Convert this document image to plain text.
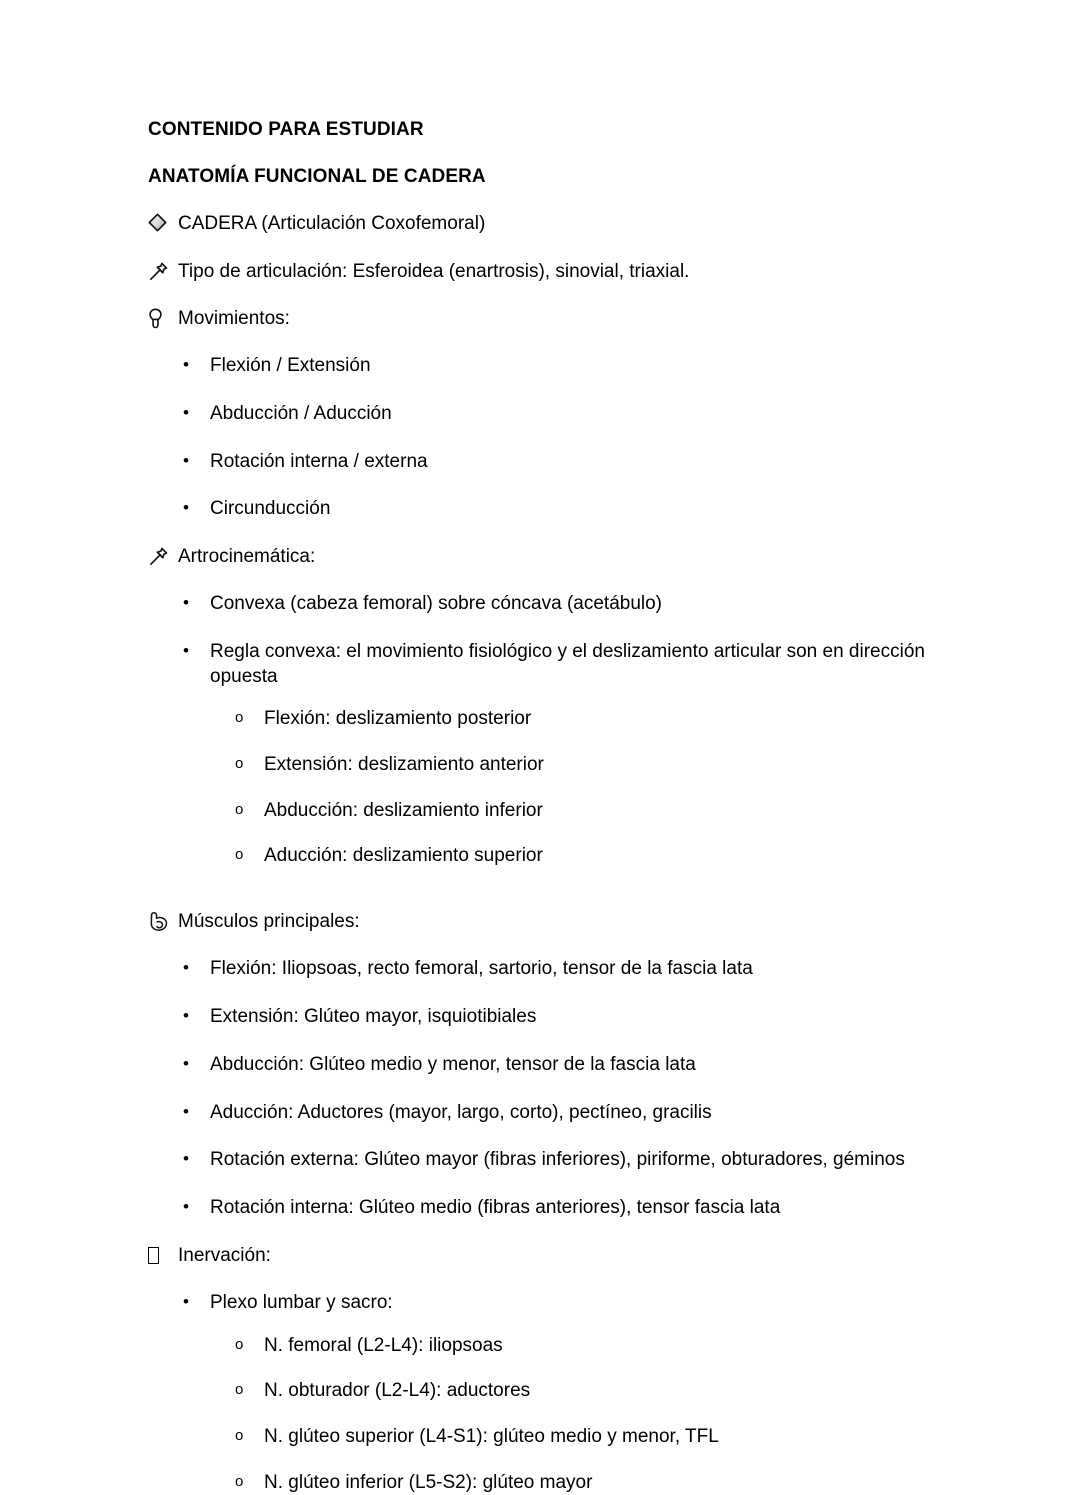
CONTENIDO PARA ESTUDIAR
ANATOMÍA FUNCIONAL DE CADERA
CADERA (Articulación Coxofemoral)
Tipo de articulación: Esferoidea (enartrosis), sinovial, triaxial.
Movimientos:
• Flexión / Extensión
• Abducción / Aducción
• Rotación interna / externa
• Circunducción
Artrocinemática:
• Convexa (cabeza femoral) sobre cóncava (acetábulo)
• Regla convexa: el movimiento fisiológico y el deslizamiento articular son en dirección opuesta
o Flexión: deslizamiento posterior
o Extensión: deslizamiento anterior
o Abducción: deslizamiento inferior
o Aducción: deslizamiento superior
Músculos principales:
• Flexión: Iliopsoas, recto femoral, sartorio, tensor de la fascia lata
• Extensión: Glúteo mayor, isquiotibiales
• Abducción: Glúteo medio y menor, tensor de la fascia lata
• Aducción: Aductores (mayor, largo, corto), pectíneo, gracilis
• Rotación externa: Glúteo mayor (fibras inferiores), piriforme, obturadores, géminos
• Rotación interna: Glúteo medio (fibras anteriores), tensor fascia lata
Inervación:
• Plexo lumbar y sacro:
o N. femoral (L2-L4): iliopsoas
o N. obturador (L2-L4): aductores
o N. glúteo superior (L4-S1): glúteo medio y menor, TFL
o N. glúteo inferior (L5-S2): glúteo mayor
